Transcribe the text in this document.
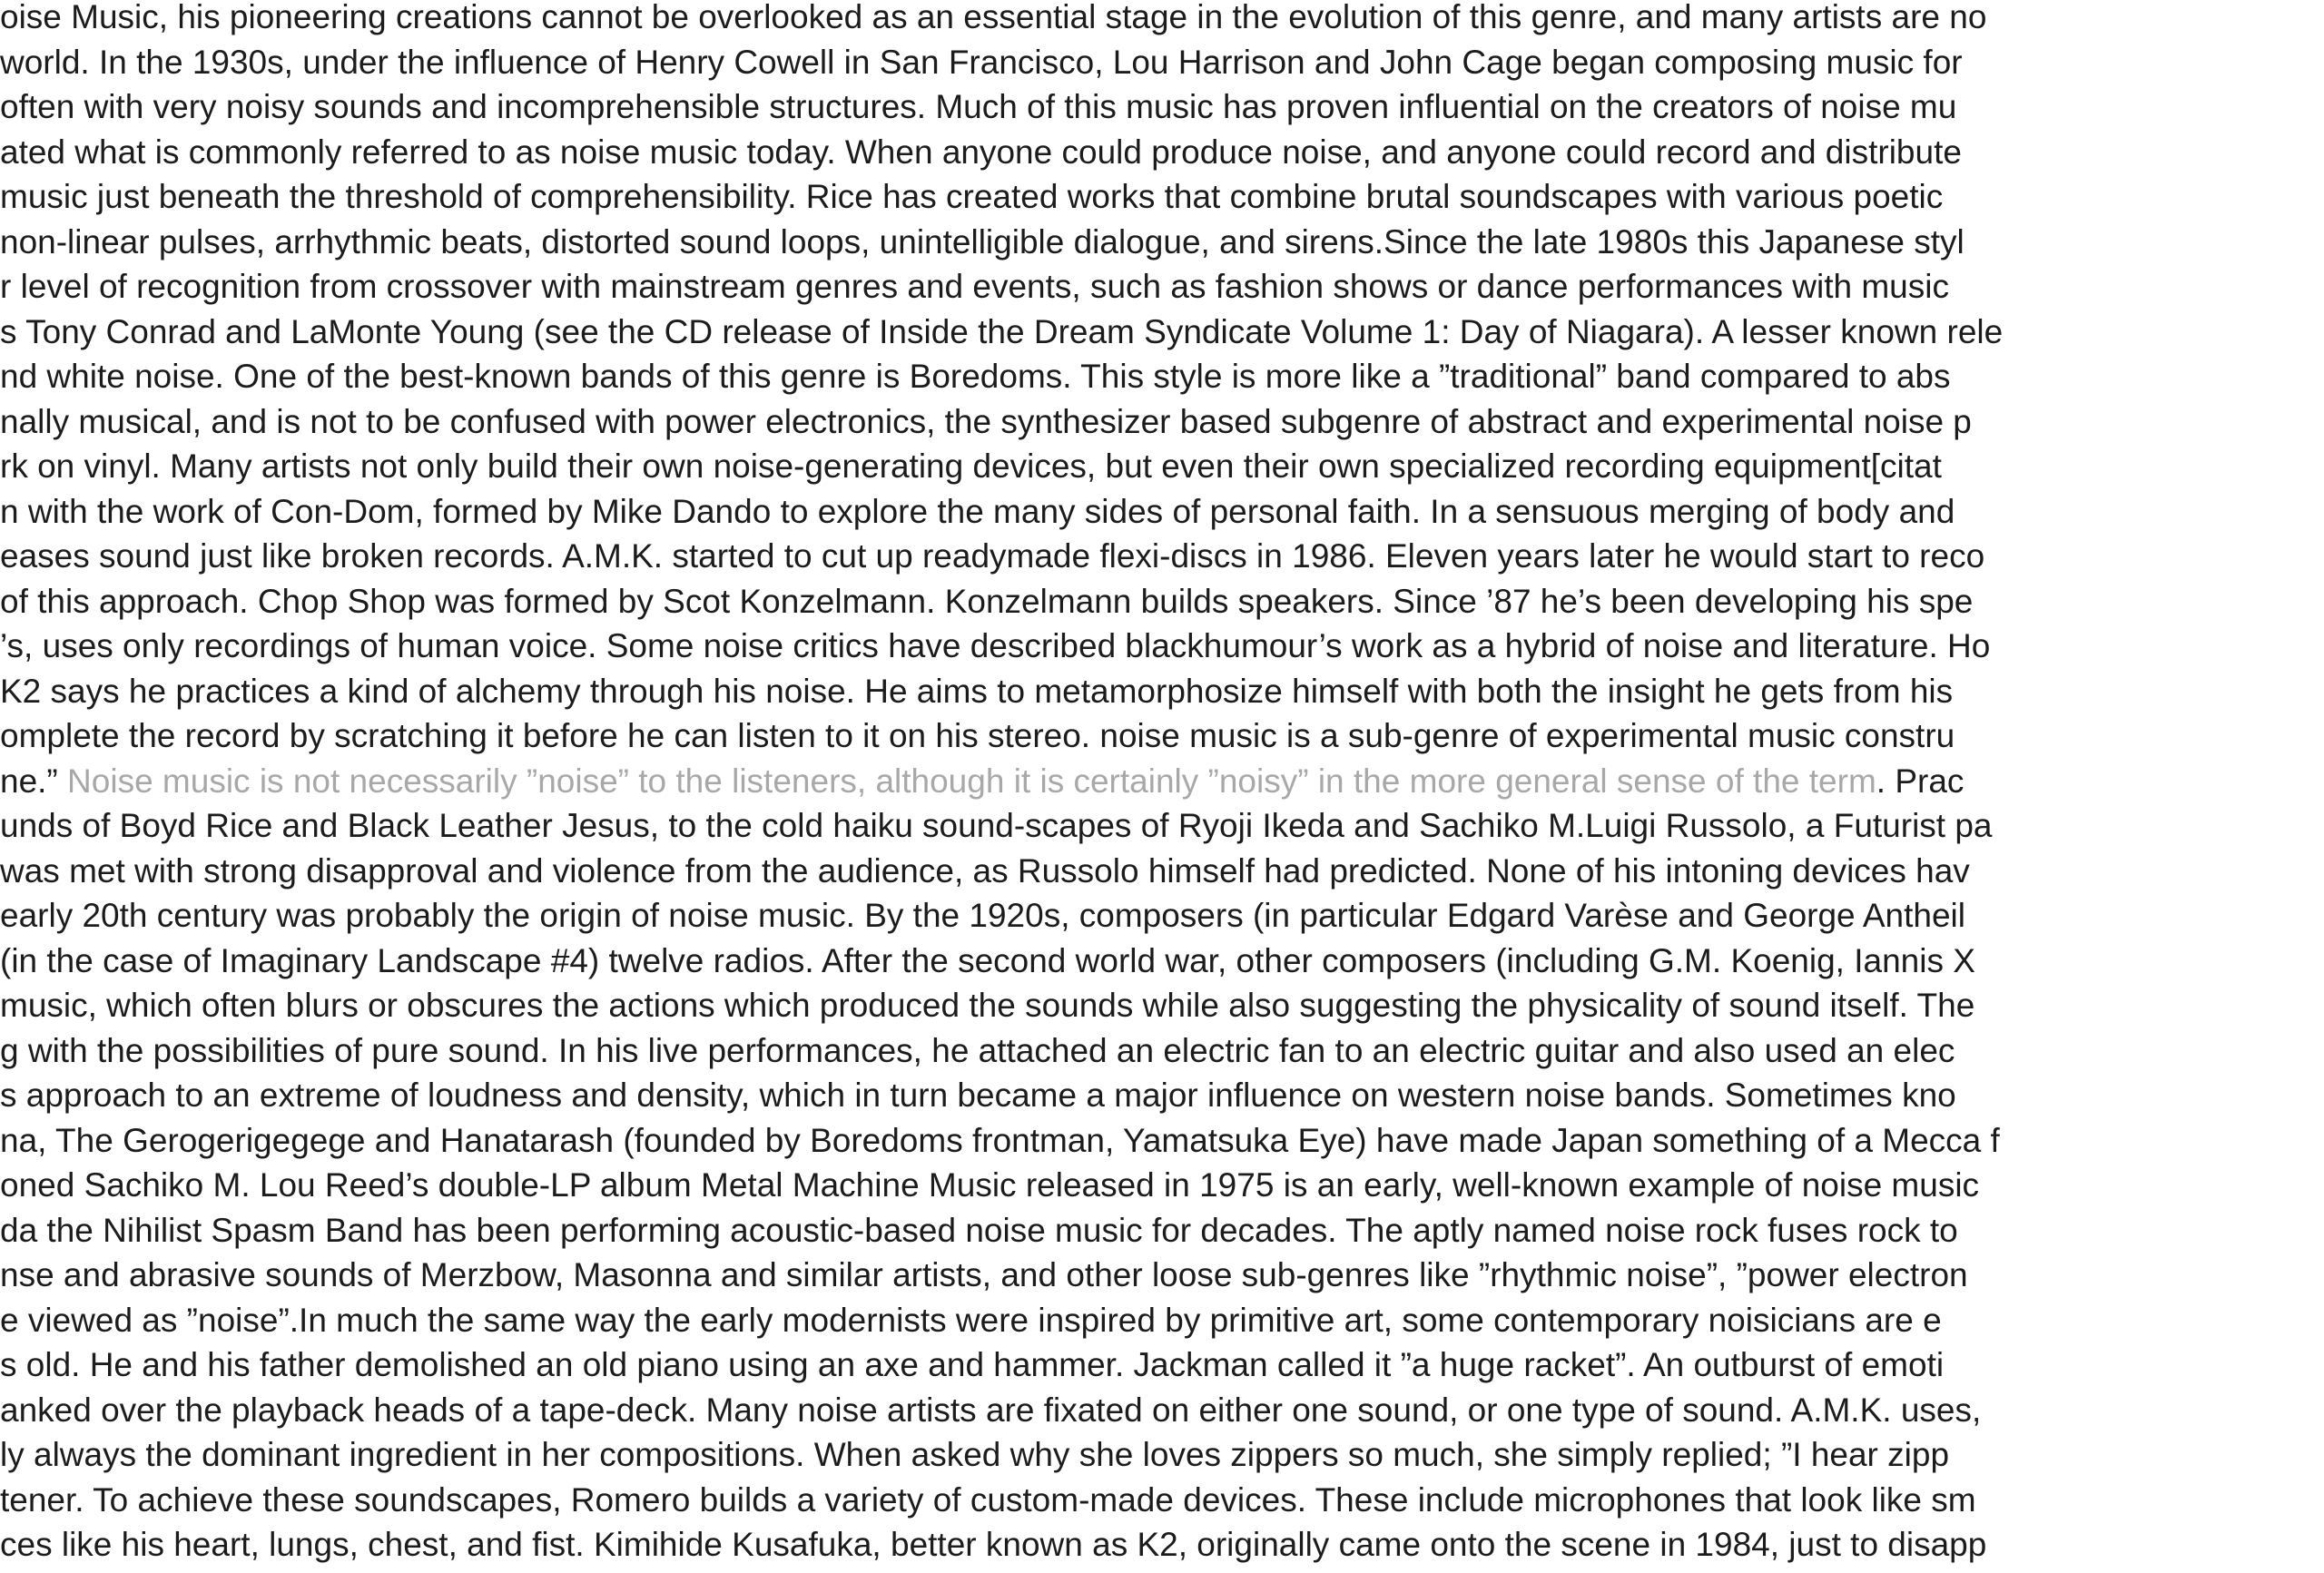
oise Music, his pioneering creations cannot be overlooked as an essential stage in the evolution of this genre, and many artists are no
world. In the 1930s, under the influence of Henry Cowell in San Francisco, Lou Harrison and John Cage began composing music for
often with very noisy sounds and incomprehensible structures. Much of this music has proven influential on the creators of noise mu
ated what is commonly referred to as noise music today. When anyone could produce noise, and anyone could record and distribute
music just beneath the threshold of comprehensibility. Rice has created works that combine brutal soundscapes with various poetic
non-linear pulses, arrhythmic beats, distorted sound loops, unintelligible dialogue, and sirens.Since the late 1980s this Japanese styl
r level of recognition from crossover with mainstream genres and events, such as fashion shows or dance performances with music
s Tony Conrad and LaMonte Young (see the CD release of Inside the Dream Syndicate Volume 1: Day of Niagara). A lesser known rele
nd white noise. One of the best-known bands of this genre is Boredoms. This style is more like a ”traditional” band compared to abs
nally musical, and is not to be confused with power electronics, the synthesizer based subgenre of abstract and experimental noise p
rk on vinyl. Many artists not only build their own noise-generating devices, but even their own specialized recording equipment[citat
n with the work of Con-Dom, formed by Mike Dando to explore the many sides of personal faith. In a sensuous merging of body and
eases sound just like broken records. A.M.K. started to cut up readymade flexi-discs in 1986. Eleven years later he would start to reco
of this approach. Chop Shop was formed by Scot Konzelmann. Konzelmann builds speakers. Since ’87 he’s been developing his spe
’s, uses only recordings of human voice. Some noise critics have described blackhumour’s work as a hybrid of noise and literature. Ho
K2 says he practices a kind of alchemy through his noise. He aims to metamorphosize himself with both the insight he gets from his
omplete the record by scratching it before he can listen to it on his stereo. noise music is a sub-genre of experimental music constru
ne.” Noise music is not necessarily ”noise” to the listeners, although it is certainly ”noisy” in the more general sense of the term. Prac
unds of Boyd Rice and Black Leather Jesus, to the cold haiku sound-scapes of Ryoji Ikeda and Sachiko M.Luigi Russolo, a Futurist pa
was met with strong disapproval and violence from the audience, as Russolo himself had predicted. None of his intoning devices hav
early 20th century was probably the origin of noise music. By the 1920s, composers (in particular Edgard Varèse and George Antheil
(in the case of Imaginary Landscape #4) twelve radios. After the second world war, other composers (including G.M. Koenig, Iannis X
music, which often blurs or obscures the actions which produced the sounds while also suggesting the physicality of sound itself. The
g with the possibilities of pure sound. In his live performances, he attached an electric fan to an electric guitar and also used an elec
s approach to an extreme of loudness and density, which in turn became a major influence on western noise bands. Sometimes kno
na, The Gerogerigegege and Hanatarash (founded by Boredoms frontman, Yamatsuka Eye) have made Japan something of a Mecca f
oned Sachiko M. Lou Reed’s double-LP album Metal Machine Music released in 1975 is an early, well-known example of noise music
da the Nihilist Spasm Band has been performing acoustic-based noise music for decades. The aptly named noise rock fuses rock to
nse and abrasive sounds of Merzbow, Masonna and similar artists, and other loose sub-genres like ”rhythmic noise”, ”power electron
e viewed as ”noise”.In much the same way the early modernists were inspired by primitive art, some contemporary noisicians are e
s old. He and his father demolished an old piano using an axe and hammer. Jackman called it ”a huge racket”. An outburst of emoti
anked over the playback heads of a tape-deck. Many noise artists are fixated on either one sound, or one type of sound. A.M.K. uses,
ly always the dominant ingredient in her compositions. When asked why she loves zippers so much, she simply replied; ”I hear zipp
tener. To achieve these soundscapes, Romero builds a variety of custom-made devices. These include microphones that look like sm
ces like his heart, lungs, chest, and fist. Kimihide Kusafuka, better known as K2, originally came onto the scene in 1984, just to disapp
